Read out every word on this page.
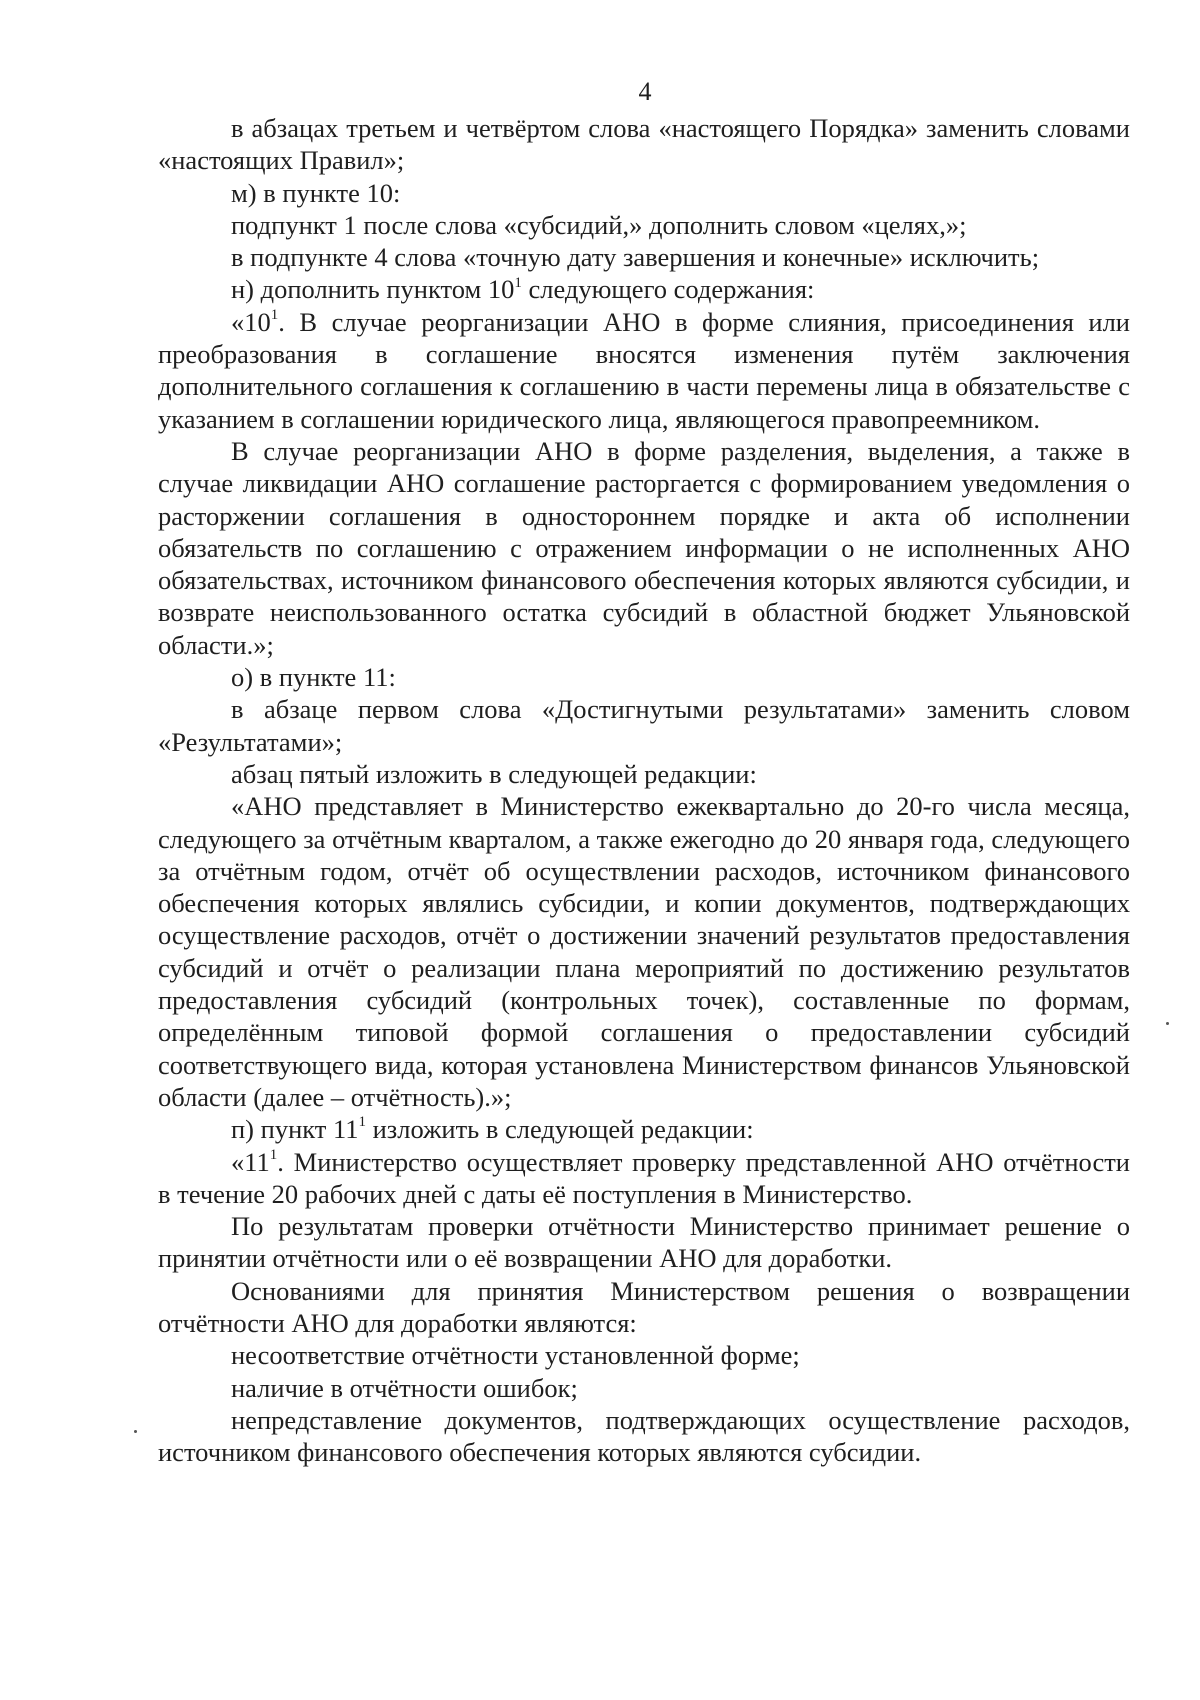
4

в абзацах третьем и четвёртом слова «настоящего Порядка» заменить словами «настоящих Правил»;

м) в пункте 10:

подпункт 1 после слова «субсидий,» дополнить словом «целях,»;

в подпункте 4 слова «точную дату завершения и конечные» исключить;

н) дополнить пунктом $10^1$ следующего содержания:

«$10^1$. В случае реорганизации АНО в форме слияния, присоединения или преобразования в соглашение вносятся изменения путём заключения дополнительного соглашения к соглашению в части перемены лица в обязательстве с указанием в соглашении юридического лица, являющегося правопреемником.

В случае реорганизации АНО в форме разделения, выделения, а также в случае ликвидации АНО соглашение расторгается с формированием уведомления о расторжении соглашения в одностороннем порядке и акта об исполнении обязательств по соглашению с отражением информации о не исполненных АНО обязательствах, источником финансового обеспечения которых являются субсидии, и возврате неиспользованного остатка субсидий в областной бюджет Ульяновской области.»;

о) в пункте 11:

в абзаце первом слова «Достигнутыми результатами» заменить словом «Результатами»;

абзац пятый изложить в следующей редакции:

«АНО представляет в Министерство ежеквартально до 20-го числа месяца, следующего за отчётным кварталом, а также ежегодно до 20 января года, следующего за отчётным годом, отчёт об осуществлении расходов, источником финансового обеспечения которых являлись субсидии, и копии документов, подтверждающих осуществление расходов, отчёт о достижении значений результатов предоставления субсидий и отчёт о реализации плана мероприятий по достижению результатов предоставления субсидий (контрольных точек), составленные по формам, определённым типовой формой соглашения о предоставлении субсидий соответствующего вида, которая установлена Министерством финансов Ульяновской области (далее – отчётность).»;

п) пункт $11^1$ изложить в следующей редакции:

«$11^1$. Министерство осуществляет проверку представленной АНО отчётности в течение 20 рабочих дней с даты её поступления в Министерство.

По результатам проверки отчётности Министерство принимает решение о принятии отчётности или о её возвращении АНО для доработки.

Основаниями для принятия Министерством решения о возвращении отчётности АНО для доработки являются:

несоответствие отчётности установленной форме;

наличие в отчётности ошибок;

непредставление документов, подтверждающих осуществление расходов, источником финансового обеспечения которых являются субсидии.
